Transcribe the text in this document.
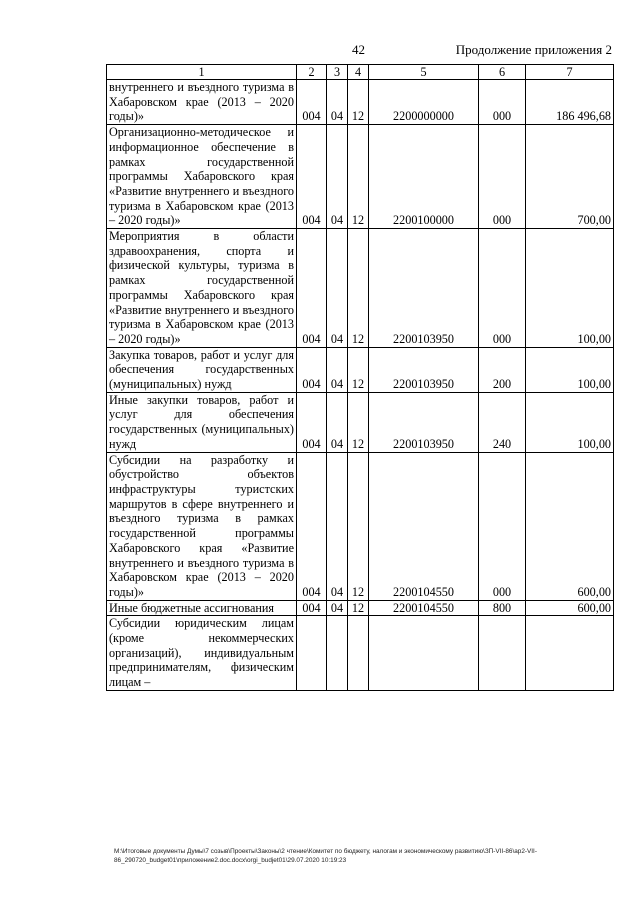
42	Продолжение приложения 2
1	2	3	4	5	6	7
внутреннего и въездного туризма в Хабаровском крае (2013 – 2020 годы)»	004	04	12	2200000000	000	186 496,68
Организационно-методическое и информационное обеспечение в рамках государственной программы Хабаровского края «Развитие внутреннего и въездного туризма в Хабаровском крае (2013 – 2020 годы)»	004	04	12	2200100000	000	700,00
Мероприятия в области здравоохранения, спорта и физической культуры, туризма в рамках государственной программы Хабаровского края «Развитие внутреннего и въездного туризма в Хабаровском крае (2013 – 2020 годы)»	004	04	12	2200103950	000	100,00
Закупка товаров, работ и услуг для обеспечения государственных (муниципальных) нужд	004	04	12	2200103950	200	100,00
Иные закупки товаров, работ и услуг для обеспечения государственных (муниципальных) нужд	004	04	12	2200103950	240	100,00
Субсидии на разработку и обустройство объектов инфраструктуры туристских маршрутов в сфере внутреннего и въездного туризма в рамках государственной программы Хабаровского края «Развитие внутреннего и въездного туризма в Хабаровском крае (2013 – 2020 годы)»	004	04	12	2200104550	000	600,00
Иные бюджетные ассигнования	004	04	12	2200104550	800	600,00
Субсидии юридическим лицам (кроме некоммерческих организаций), индивидуальным предпринимателям, физическим лицам –						
M:\Итоговые документы Думы\7 созыв\Проекты\Законы\2 чтение\Комитет по бюджету, налогам и экономическому развитию\ЗП-VII-86\ap2-VII-86_290720_budget01\приложение2.doc.docx\orgi_budjet01\29.07.2020 10:19:23
